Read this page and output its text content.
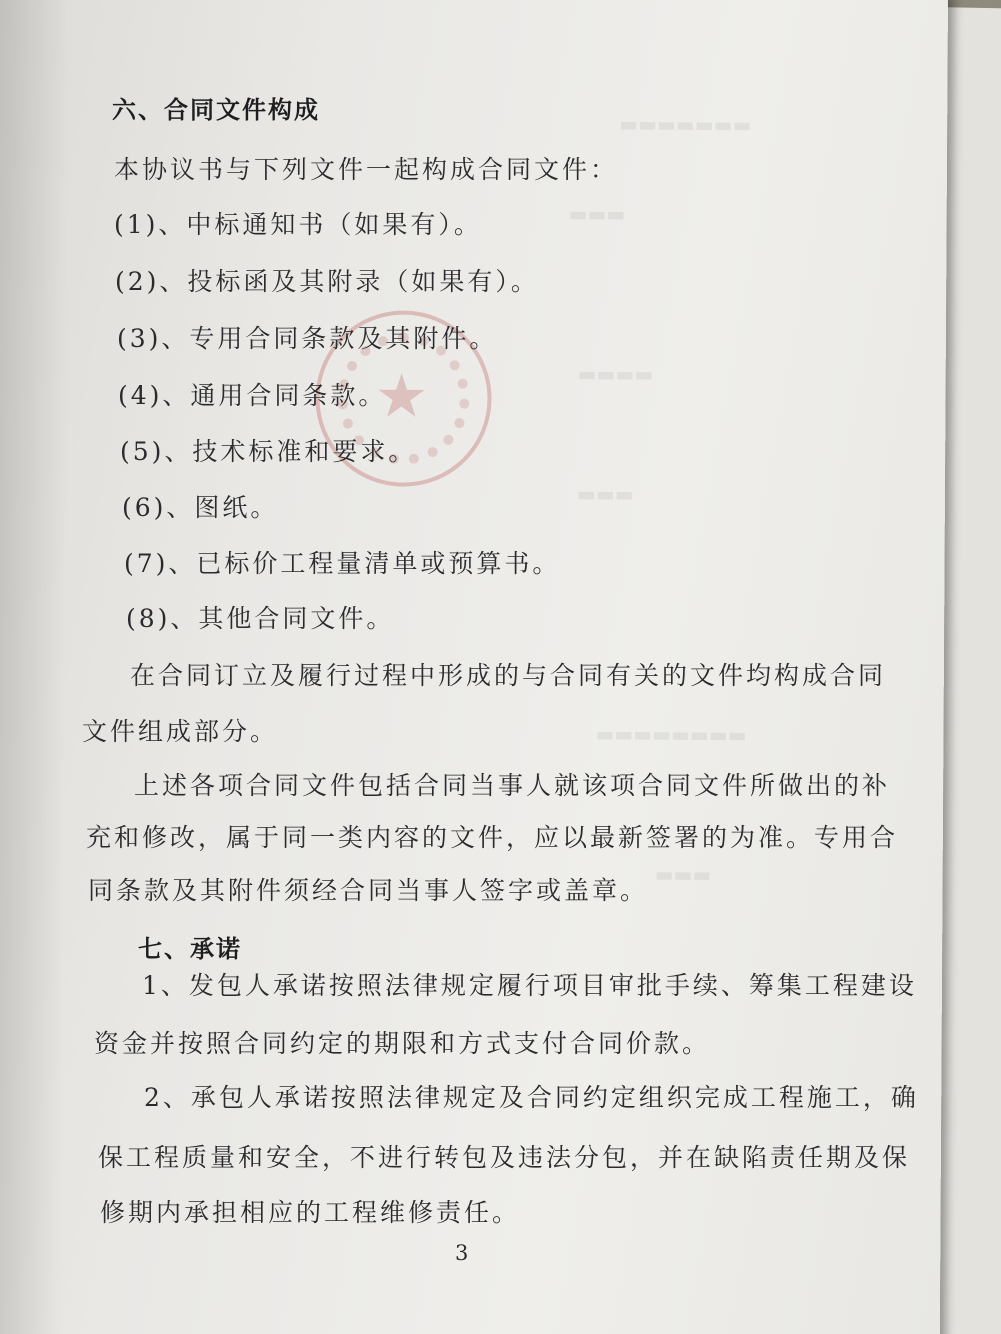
★
▬▬▬▬▬▬▬
▬▬▬
▬▬▬▬
▬▬▬
▬▬▬▬▬▬▬▬
▬▬▬
六、合同文件构成
本协议书与下列文件一起构成合同文件：
(1)、中标通知书（如果有）。
(2)、投标函及其附录（如果有）。
(3)、专用合同条款及其附件。
(4)、通用合同条款。
(5)、技术标准和要求。
(6)、图纸。
(7)、已标价工程量清单或预算书。
(8)、其他合同文件。
在合同订立及履行过程中形成的与合同有关的文件均构成合同
文件组成部分。
上述各项合同文件包括合同当事人就该项合同文件所做出的补
充和修改，属于同一类内容的文件，应以最新签署的为准。专用合
同条款及其附件须经合同当事人签字或盖章。
七、承诺
1、发包人承诺按照法律规定履行项目审批手续、筹集工程建设
资金并按照合同约定的期限和方式支付合同价款。
2、承包人承诺按照法律规定及合同约定组织完成工程施工，确
保工程质量和安全，不进行转包及违法分包，并在缺陷责任期及保
修期内承担相应的工程维修责任。
3
